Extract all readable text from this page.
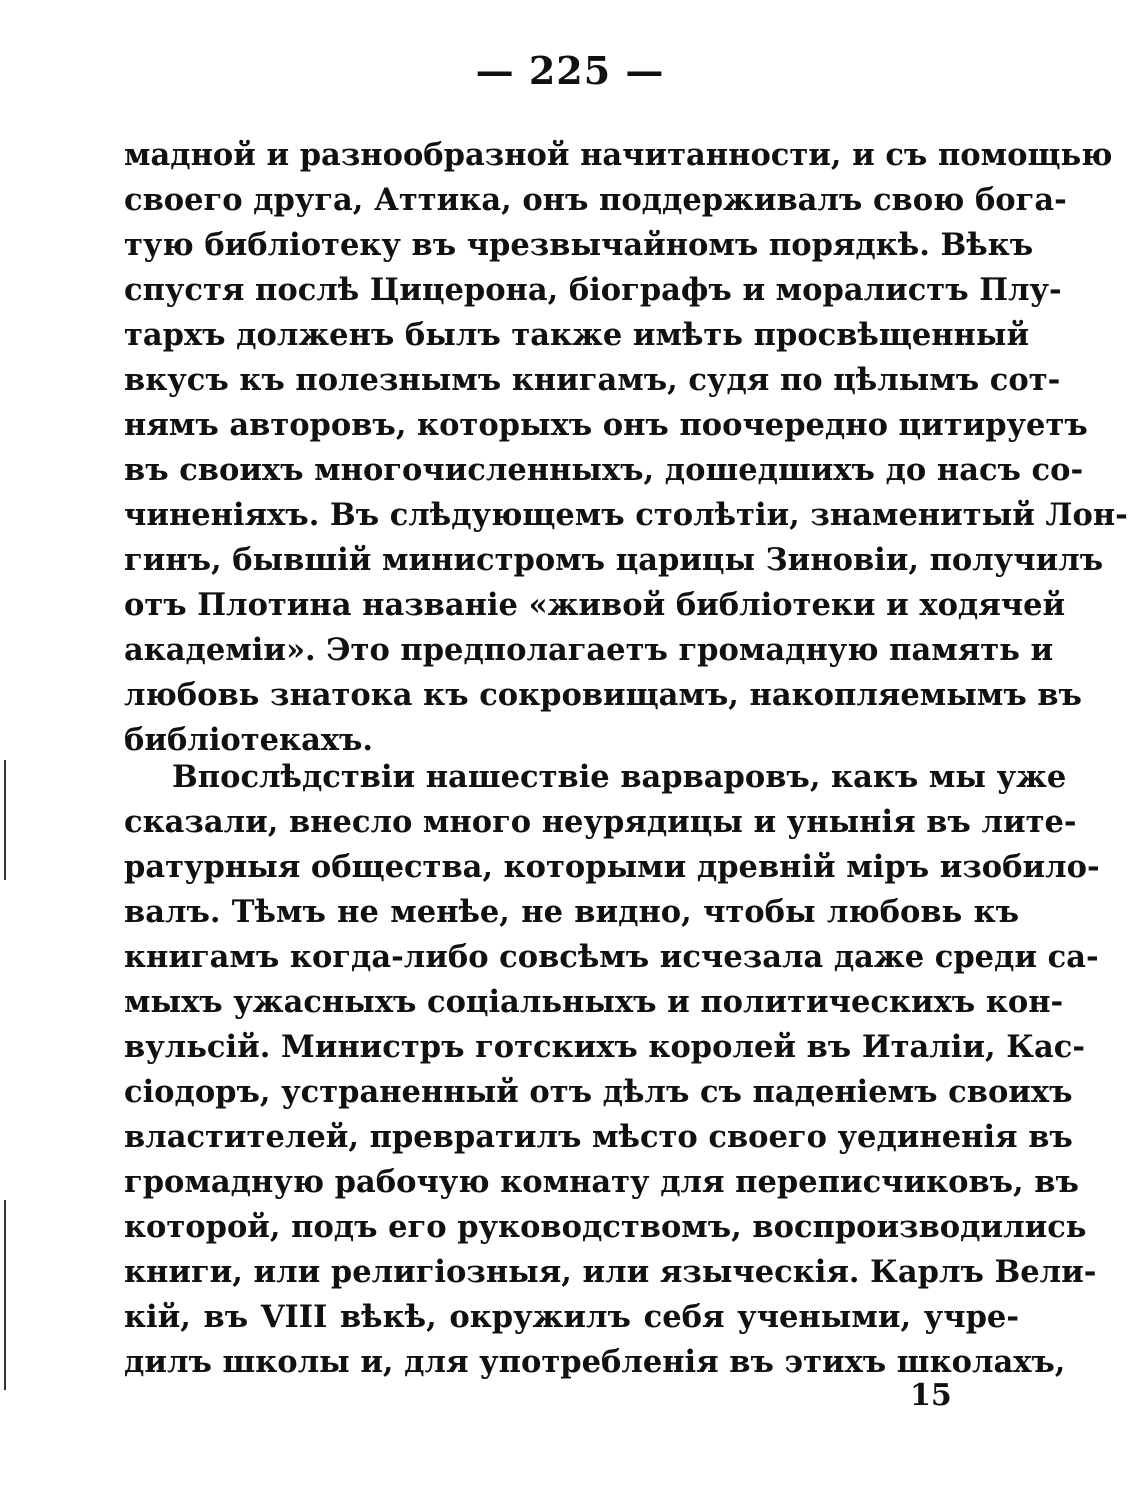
— 225 —
мадной и разнообразной начитанности, и съ помощью
своего друга, Аттика, онъ поддерживалъ свою бога-
тую библіотеку въ чрезвычайномъ порядкѣ. Вѣкъ
спустя послѣ Цицерона, біографъ и моралистъ Плу-
тархъ долженъ былъ также имѣть просвѣщенный
вкусъ къ полезнымъ книгамъ, судя по цѣлымъ сот-
нямъ авторовъ, которыхъ онъ поочередно цитируетъ
въ своихъ многочисленныхъ, дошедшихъ до насъ со-
чиненіяхъ. Въ слѣдующемъ столѣтіи, знаменитый Лон-
гинъ, бывшій министромъ царицы Зиновіи, получилъ
отъ Плотина названіе «живой библіотеки и ходячей
академіи». Это предполагаетъ громадную память и
любовь знатока къ сокровищамъ, накопляемымъ въ
библіотекахъ.
Впослѣдствіи нашествіе варваровъ, какъ мы уже
сказали, внесло много неурядицы и унынія въ лите-
ратурныя общества, которыми древній міръ изобило-
валъ. Тѣмъ не менѣе, не видно, чтобы любовь къ
книгамъ когда-либо совсѣмъ исчезала даже среди са-
мыхъ ужасныхъ соціальныхъ и политическихъ кон-
вульсій. Министръ готскихъ королей въ Италіи, Кас-
сіодоръ, устраненный отъ дѣлъ съ паденіемъ своихъ
властителей, превратилъ мѣсто своего уединенія въ
громадную рабочую комнату для переписчиковъ, въ
которой, подъ его руководствомъ, воспроизводились
книги, или религіозныя, или языческія. Карлъ Вели-
кій, въ VIII вѣкѣ, окружилъ себя учеными, учре-
дилъ школы и, для употребленія въ этихъ школахъ,
15
